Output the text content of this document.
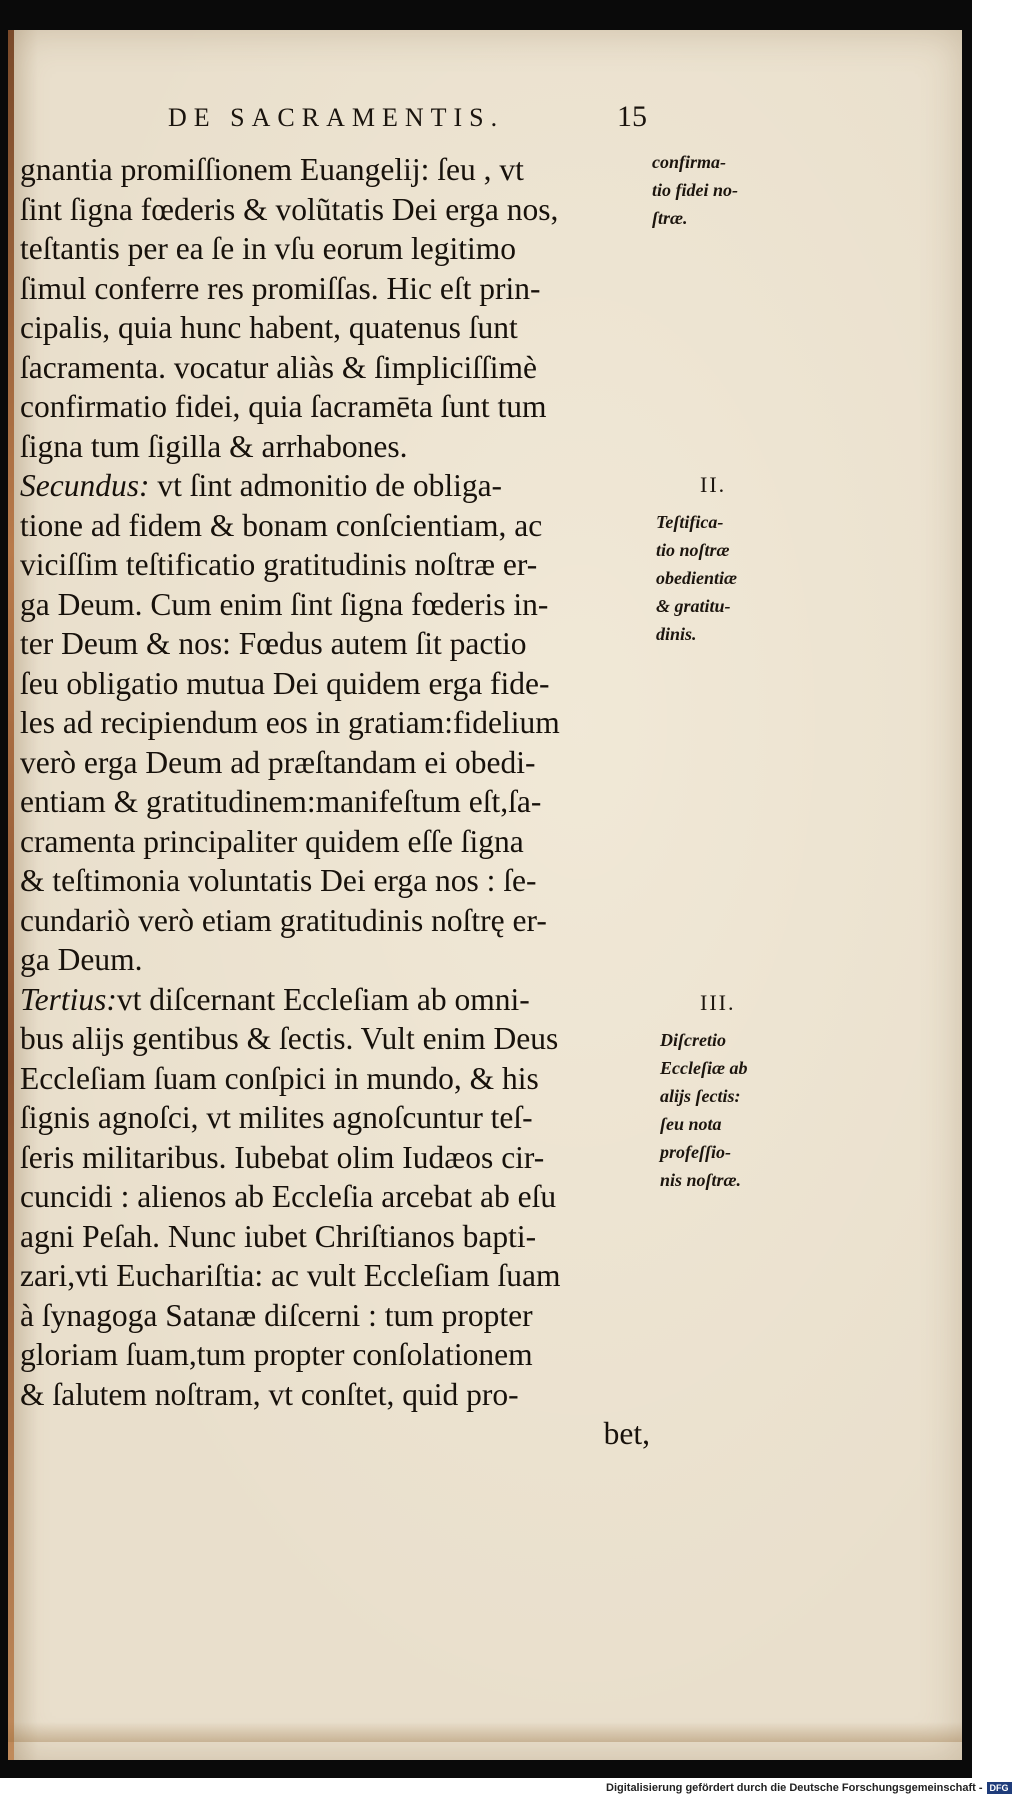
DE SACRAMENTIS.	15
gnantia promiſſionem Euangelij: ſeu , vt
ſint ſigna fœderis & volũtatis Dei erga nos,
teſtantis per ea ſe in vſu eorum legitimo
ſimul conferre res promiſſas. Hic eſt prin-
cipalis, quia hunc habent, quatenus ſunt
ſacramenta. vocatur aliàs & ſimpliciſſimè
confirmatio fidei, quia ſacramēta ſunt tum
ſigna tum ſigilla & arrhabones.
Secundus: vt ſint admonitio de obliga-
tione ad fidem & bonam conſcientiam, ac
viciſſim teſtificatio gratitudinis noſtræ er-
ga Deum. Cum enim ſint ſigna fœderis in-
ter Deum & nos: Fœdus autem ſit pactio
ſeu obligatio mutua Dei quidem erga fide-
les ad recipiendum eos in gratiam:fidelium
verò erga Deum ad præſtandam ei obedi-
entiam & gratitudinem:manifeſtum eſt,ſa-
cramenta principaliter quidem eſſe ſigna
& teſtimonia voluntatis Dei erga nos : ſe-
cundariò verò etiam gratitudinis noſtrę er-
ga Deum.
Tertius:vt diſcernant Eccleſiam ab omni-
bus alijs gentibus & ſectis. Vult enim Deus
Eccleſiam ſuam conſpici in mundo, & his
ſignis agnoſci, vt milites agnoſcuntur teſ-
ſeris militaribus. Iubebat olim Iudæos cir-
cuncidi : alienos ab Eccleſia arcebat ab eſu
agni Peſah. Nunc iubet Chriſtianos bapti-
zari,vti Euchariſtia: ac vult Eccleſiam ſuam
à ſynagoga Satanæ diſcerni : tum propter
gloriam ſuam,tum propter conſolationem
& ſalutem noſtram, vt conſtet, quid pro-
bet,
confirma-
tio fidei no-
ſtræ.
II.
Teſtifica-
tio noſtræ
obedientiæ
& gratitu-
dinis.
III.
Diſcretio
Eccleſiæ ab
alijs ſectis:
ſeu nota
profeſſio-
nis noſtræ.
Digitalisierung gefördert durch die Deutsche Forschungsgemeinschaft - DFG
